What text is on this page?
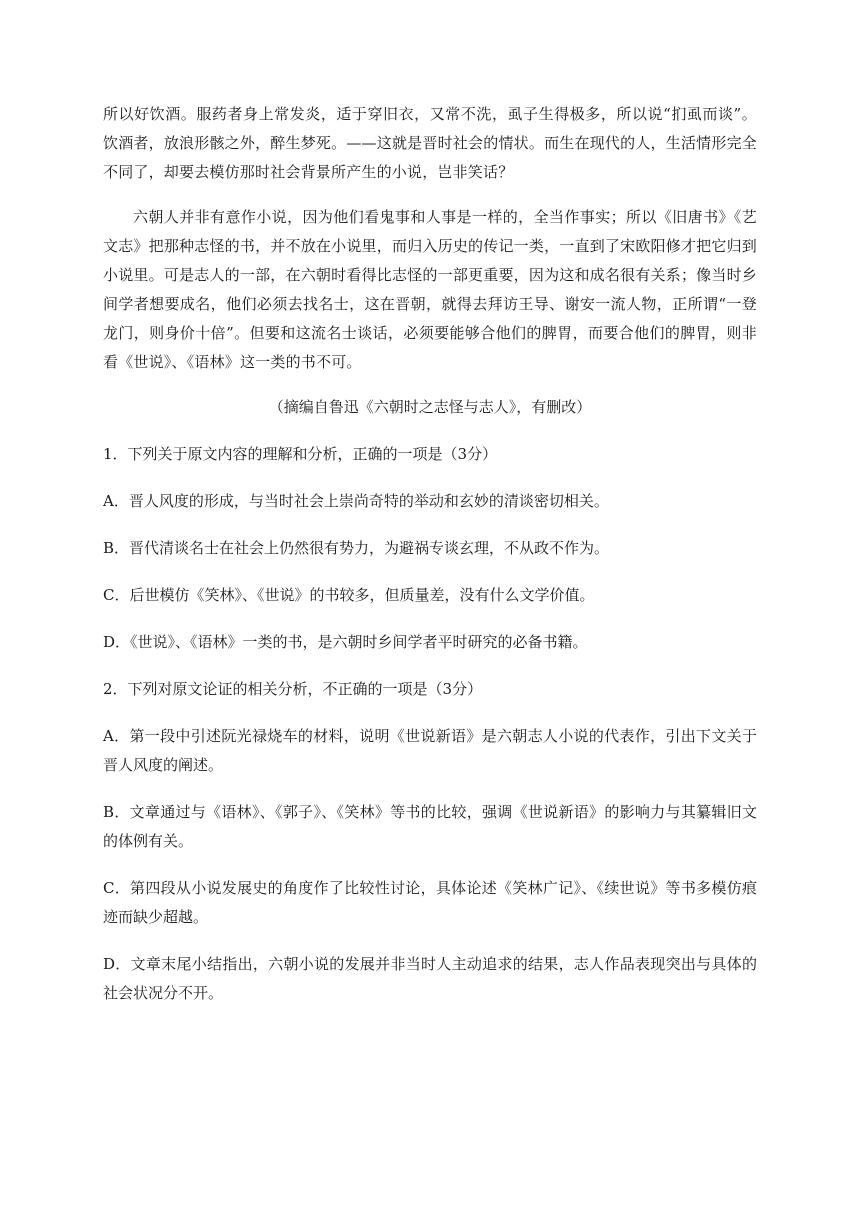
所以好饮酒。服药者身上常发炎，适于穿旧衣，又常不洗，虱子生得极多，所以说“扪虱而谈”。饮酒者，放浪形骸之外，醉生梦死。——这就是晋时社会的情状。而生在现代的人，生活情形完全不同了，却要去模仿那时社会背景所产生的小说，岂非笑话？

六朝人并非有意作小说，因为他们看鬼事和人事是一样的，全当作事实；所以《旧唐书》《艺文志》把那种志怪的书，并不放在小说里，而归入历史的传记一类，一直到了宋欧阳修才把它归到小说里。可是志人的一部，在六朝时看得比志怪的一部更重要，因为这和成名很有关系；像当时乡间学者想要成名，他们必须去找名士，这在晋朝，就得去拜访王导、谢安一流人物，正所谓“一登龙门，则身价十倍”。但要和这流名士谈话，必须要能够合他们的脾胃，而要合他们的脾胃，则非看《世说》、《语林》这一类的书不可。

（摘编自鲁迅《六朝时之志怪与志人》，有删改）

1．下列关于原文内容的理解和分析，正确的一项是（3分）

A．晋人风度的形成，与当时社会上崇尚奇特的举动和玄妙的清谈密切相关。

B．晋代清谈名士在社会上仍然很有势力，为避祸专谈玄理，不从政不作为。

C．后世模仿《笑林》、《世说》的书较多，但质量差，没有什么文学价值。

D．《世说》、《语林》一类的书，是六朝时乡间学者平时研究的必备书籍。

2．下列对原文论证的相关分析，不正确的一项是（3分）

A．第一段中引述阮光禄烧车的材料，说明《世说新语》是六朝志人小说的代表作，引出下文关于晋人风度的阐述。

B．文章通过与《语林》、《郭子》、《笑林》等书的比较，强调《世说新语》的影响力与其纂辑旧文的体例有关。

C．第四段从小说发展史的角度作了比较性讨论，具体论述《笑林广记》、《续世说》等书多模仿痕迹而缺少超越。

D．文章末尾小结指出，六朝小说的发展并非当时人主动追求的结果，志人作品表现突出与具体的社会状况分不开。
